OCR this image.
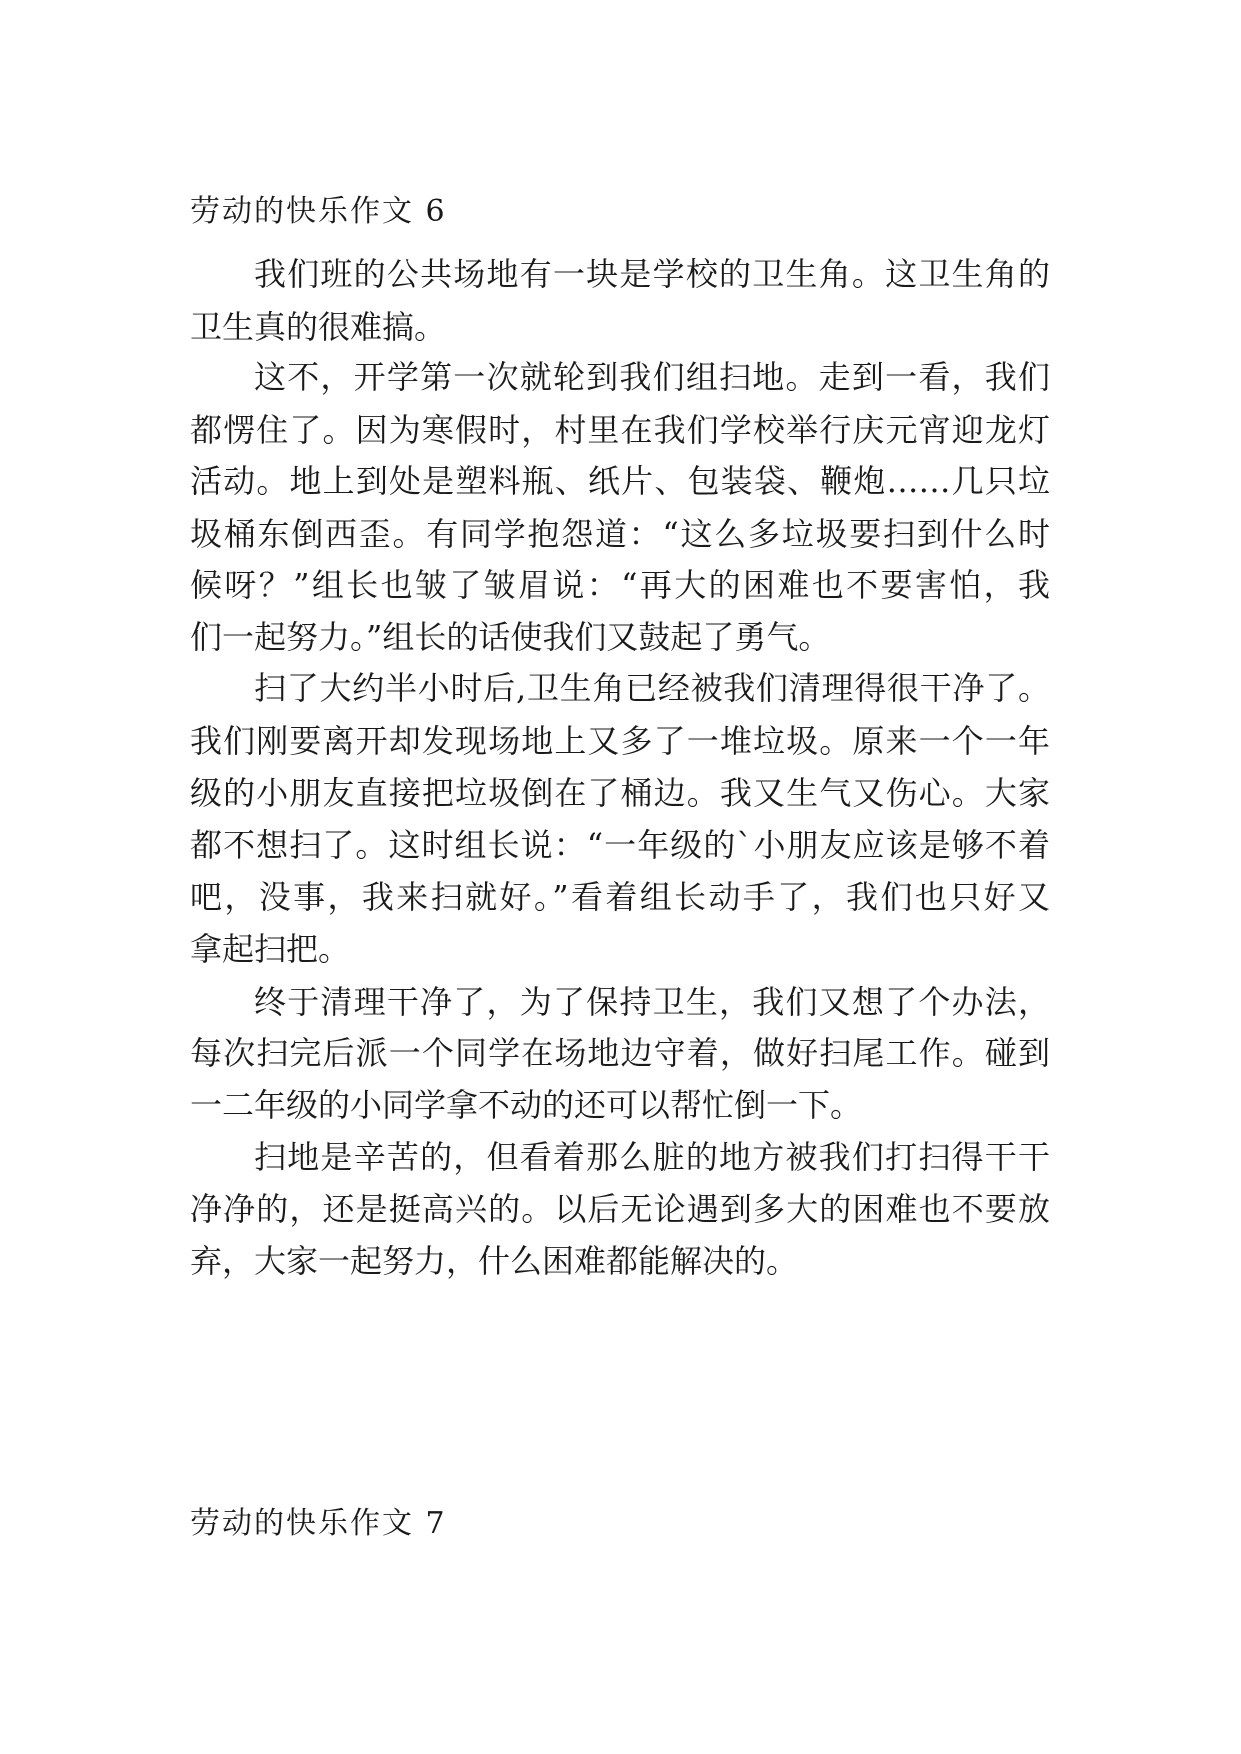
劳动的快乐作文 6
我们班的公共场地有一块是学校的卫生角。这卫生角的
卫生真的很难搞。
这不，开学第一次就轮到我们组扫地。走到一看，我们
都愣住了。因为寒假时，村里在我们学校举行庆元宵迎龙灯
活动。地上到处是塑料瓶、纸片、包装袋、鞭炮……几只垃
圾桶东倒西歪。有同学抱怨道：“这么多垃圾要扫到什么时
候呀？”组长也皱了皱眉说：“再大的困难也不要害怕，我
们一起努力。”组长的话使我们又鼓起了勇气。
扫了大约半小时后,卫生角已经被我们清理得很干净了。
我们刚要离开却发现场地上又多了一堆垃圾。原来一个一年
级的小朋友直接把垃圾倒在了桶边。我又生气又伤心。大家
都不想扫了。这时组长说：“一年级的`小朋友应该是够不着
吧，没事，我来扫就好。”看着组长动手了，我们也只好又
拿起扫把。
终于清理干净了，为了保持卫生，我们又想了个办法，
每次扫完后派一个同学在场地边守着，做好扫尾工作。碰到
一二年级的小同学拿不动的还可以帮忙倒一下。
扫地是辛苦的，但看着那么脏的地方被我们打扫得干干
净净的，还是挺高兴的。以后无论遇到多大的困难也不要放
弃，大家一起努力，什么困难都能解决的。
劳动的快乐作文 7
